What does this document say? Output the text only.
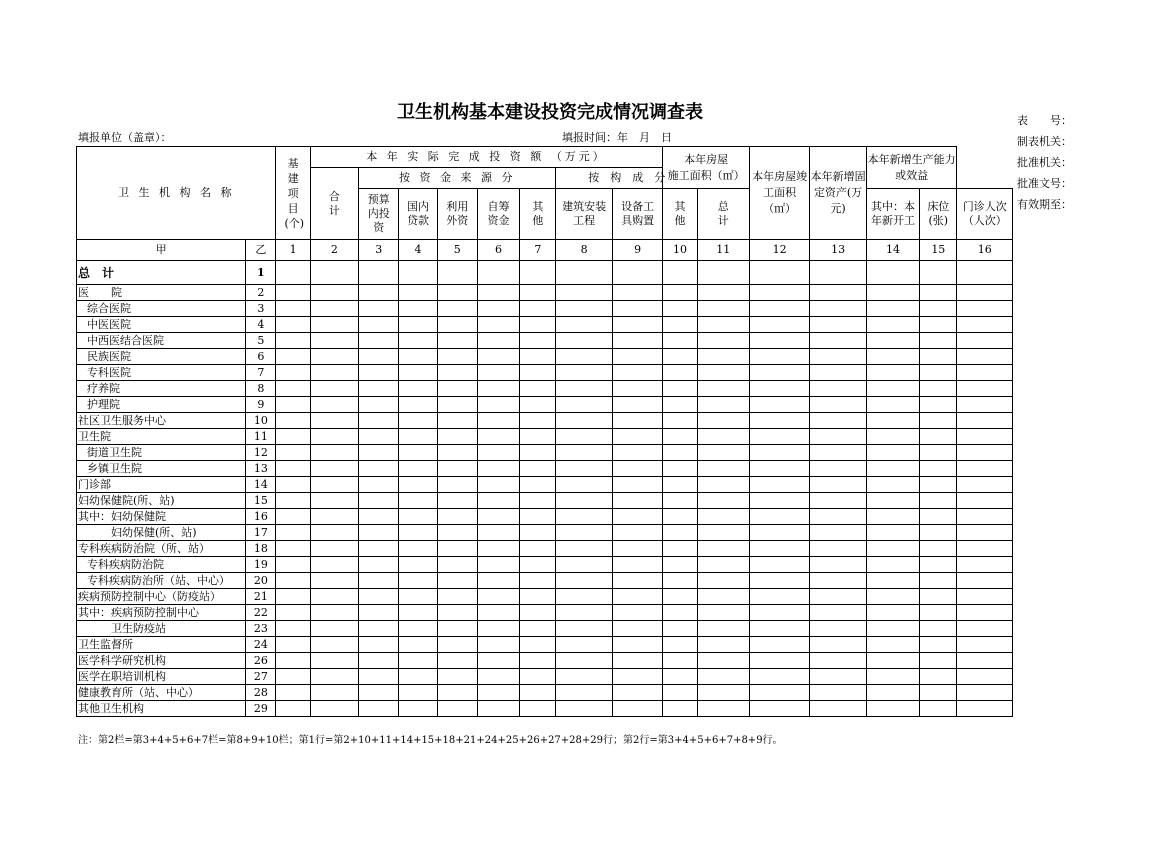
卫生机构基本建设投资完成情况调查表
填报单位（盖章）：	填报时间：年　月　日
表　　号：
制表机关：
批准机关：
批准文号：
有效期至：
卫 生 机 构 名 称		基建项目(个)	本 年 实 际 完 成 投 资 额 （万元）								本年房屋　　　施工面积（㎡）		本年房屋竣工面积（㎡）	本年新增固定资产(万元)	本年新增生产能力或效益		
			合计	按 资 金 来 源 分					按　构　成　分								
				预算内投资	国内贷款	利用外资	自筹资金	其他	建筑安装工程	设备工具购置	其他	总计			其中：本年新开工	床位(张)	门诊人次（人次）
甲	乙	1	2	3	4	5	6	7	8	9	10	11	12	13	14	15	16
总　计	1																
医　　院	2																
综合医院	3																
中医医院	4																
中西医结合医院	5																
民族医院	6																
专科医院	7																
疗养院	8																
护理院	9																
社区卫生服务中心	10																
卫生院	11																
街道卫生院	12																
乡镇卫生院	13																
门诊部	14																
妇幼保健院(所、站)	15																
其中：妇幼保健院	16																
妇幼保健(所、站)	17																
专科疾病防治院（所、站）	18																
专科疾病防治院	19																
专科疾病防治所（站、中心）	20																
疾病预防控制中心（防疫站）	21																
其中：疾病预防控制中心	22																
卫生防疫站	23																
卫生监督所	24																
医学科学研究机构	26																
医学在职培训机构	27																
健康教育所（站、中心）	28																
其他卫生机构	29																
注：第2栏=第3+4+5+6+7栏=第8+9+10栏；第1行=第2+10+11+14+15+18+21+24+25+26+27+28+29行；第2行=第3+4+5+6+7+8+9行。
